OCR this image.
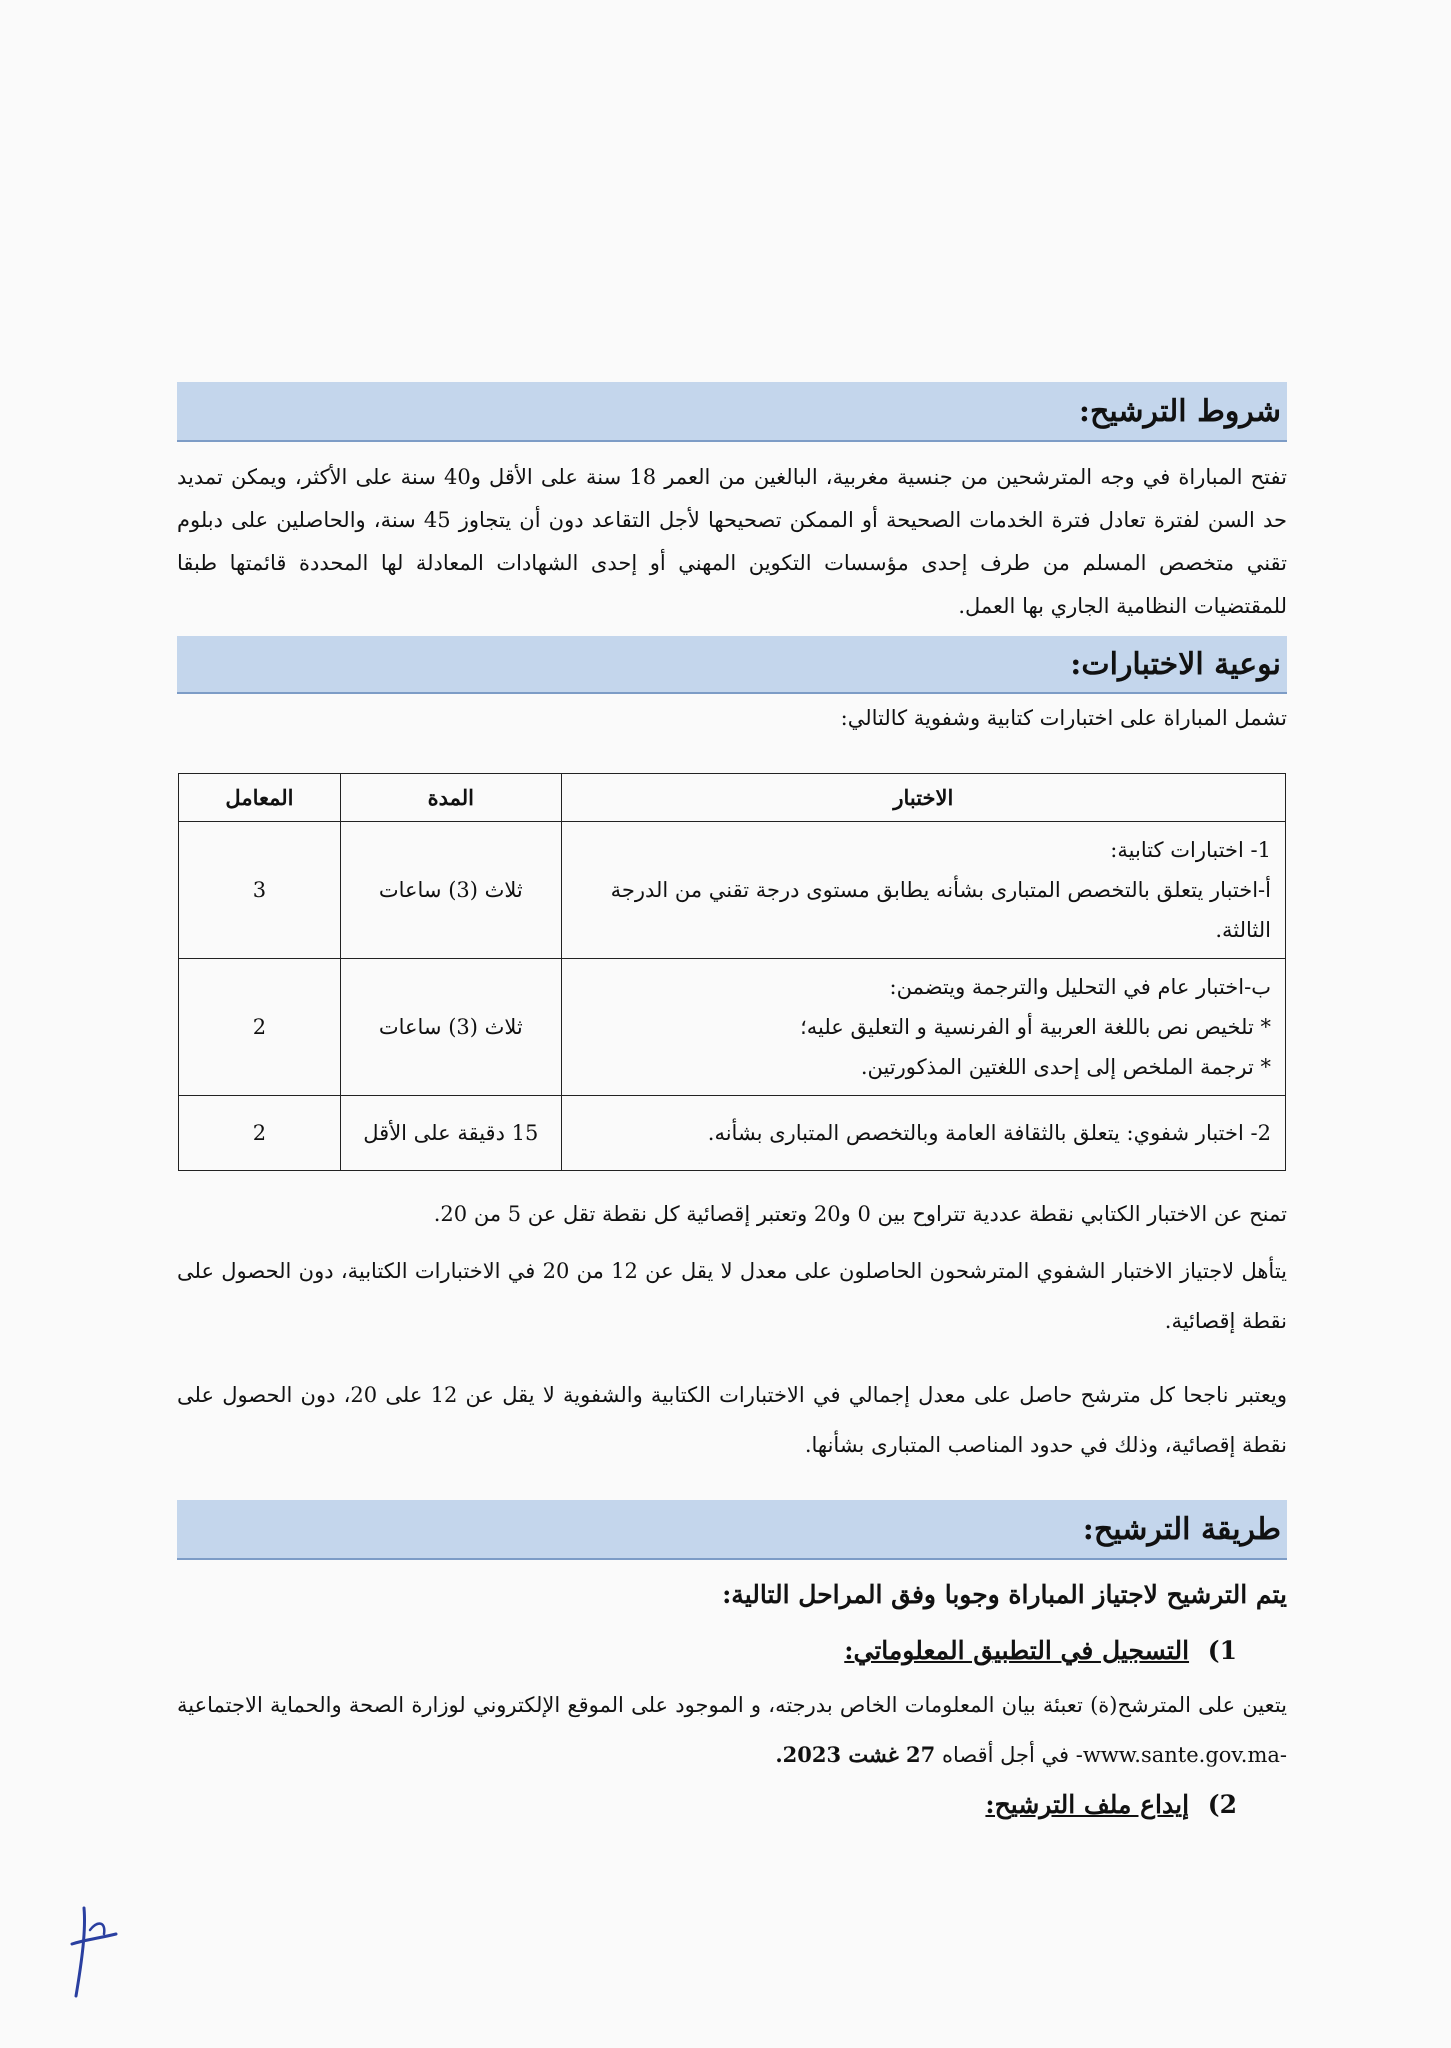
شروط الترشيح:
تفتح المباراة في وجه المترشحين من جنسية مغربية، البالغين من العمر 18 سنة على الأقل و40 سنة على الأكثر، ويمكن تمديد حد السن لفترة تعادل فترة الخدمات الصحيحة أو الممكن تصحيحها لأجل التقاعد دون أن يتجاوز 45 سنة، والحاصلين على دبلوم تقني متخصص المسلم من طرف إحدى مؤسسات التكوين المهني أو إحدى الشهادات المعادلة لها المحددة قائمتها طبقا للمقتضيات النظامية الجاري بها العمل.
نوعية الاختبارات:
تشمل المباراة على اختبارات كتابية وشفوية كالتالي:
الاختبار	المدة	المعامل

1- اختبارات كتابية:
أ-اختبار يتعلق بالتخصص المتبارى بشأنه يطابق مستوى درجة تقني من الدرجة الثالثة.	ثلاث (3) ساعات	3

ب-اختبار عام في التحليل والترجمة ويتضمن:
* تلخيص نص باللغة العربية أو الفرنسية و التعليق عليه؛
* ترجمة الملخص إلى إحدى اللغتين المذكورتين.	ثلاث (3) ساعات	2

2- اختبار شفوي: يتعلق بالثقافة العامة وبالتخصص المتبارى بشأنه.	15 دقيقة على الأقل	2
تمنح عن الاختبار الكتابي نقطة عددية تتراوح بين 0 و20 وتعتبر إقصائية كل نقطة تقل عن 5 من 20.
يتأهل لاجتياز الاختبار الشفوي المترشحون الحاصلون على معدل لا يقل عن 12 من 20 في الاختبارات الكتابية، دون الحصول على نقطة إقصائية.
ويعتبر ناجحا كل مترشح حاصل على معدل إجمالي في الاختبارات الكتابية والشفوية لا يقل عن 12 على 20، دون الحصول على نقطة إقصائية، وذلك في حدود المناصب المتبارى بشأنها.
طريقة الترشيح:
يتم الترشيح لاجتياز المباراة وجوبا وفق المراحل التالية:
1) التسجيل في التطبيق المعلوماتي:
يتعين على المترشح(ة) تعبئة بيان المعلومات الخاص بدرجته، و الموجود على الموقع الإلكتروني لوزارة الصحة والحماية الاجتماعية -www.sante.gov.ma- في أجل أقصاه 27 غشت 2023.
2) إيداع ملف الترشيح:
